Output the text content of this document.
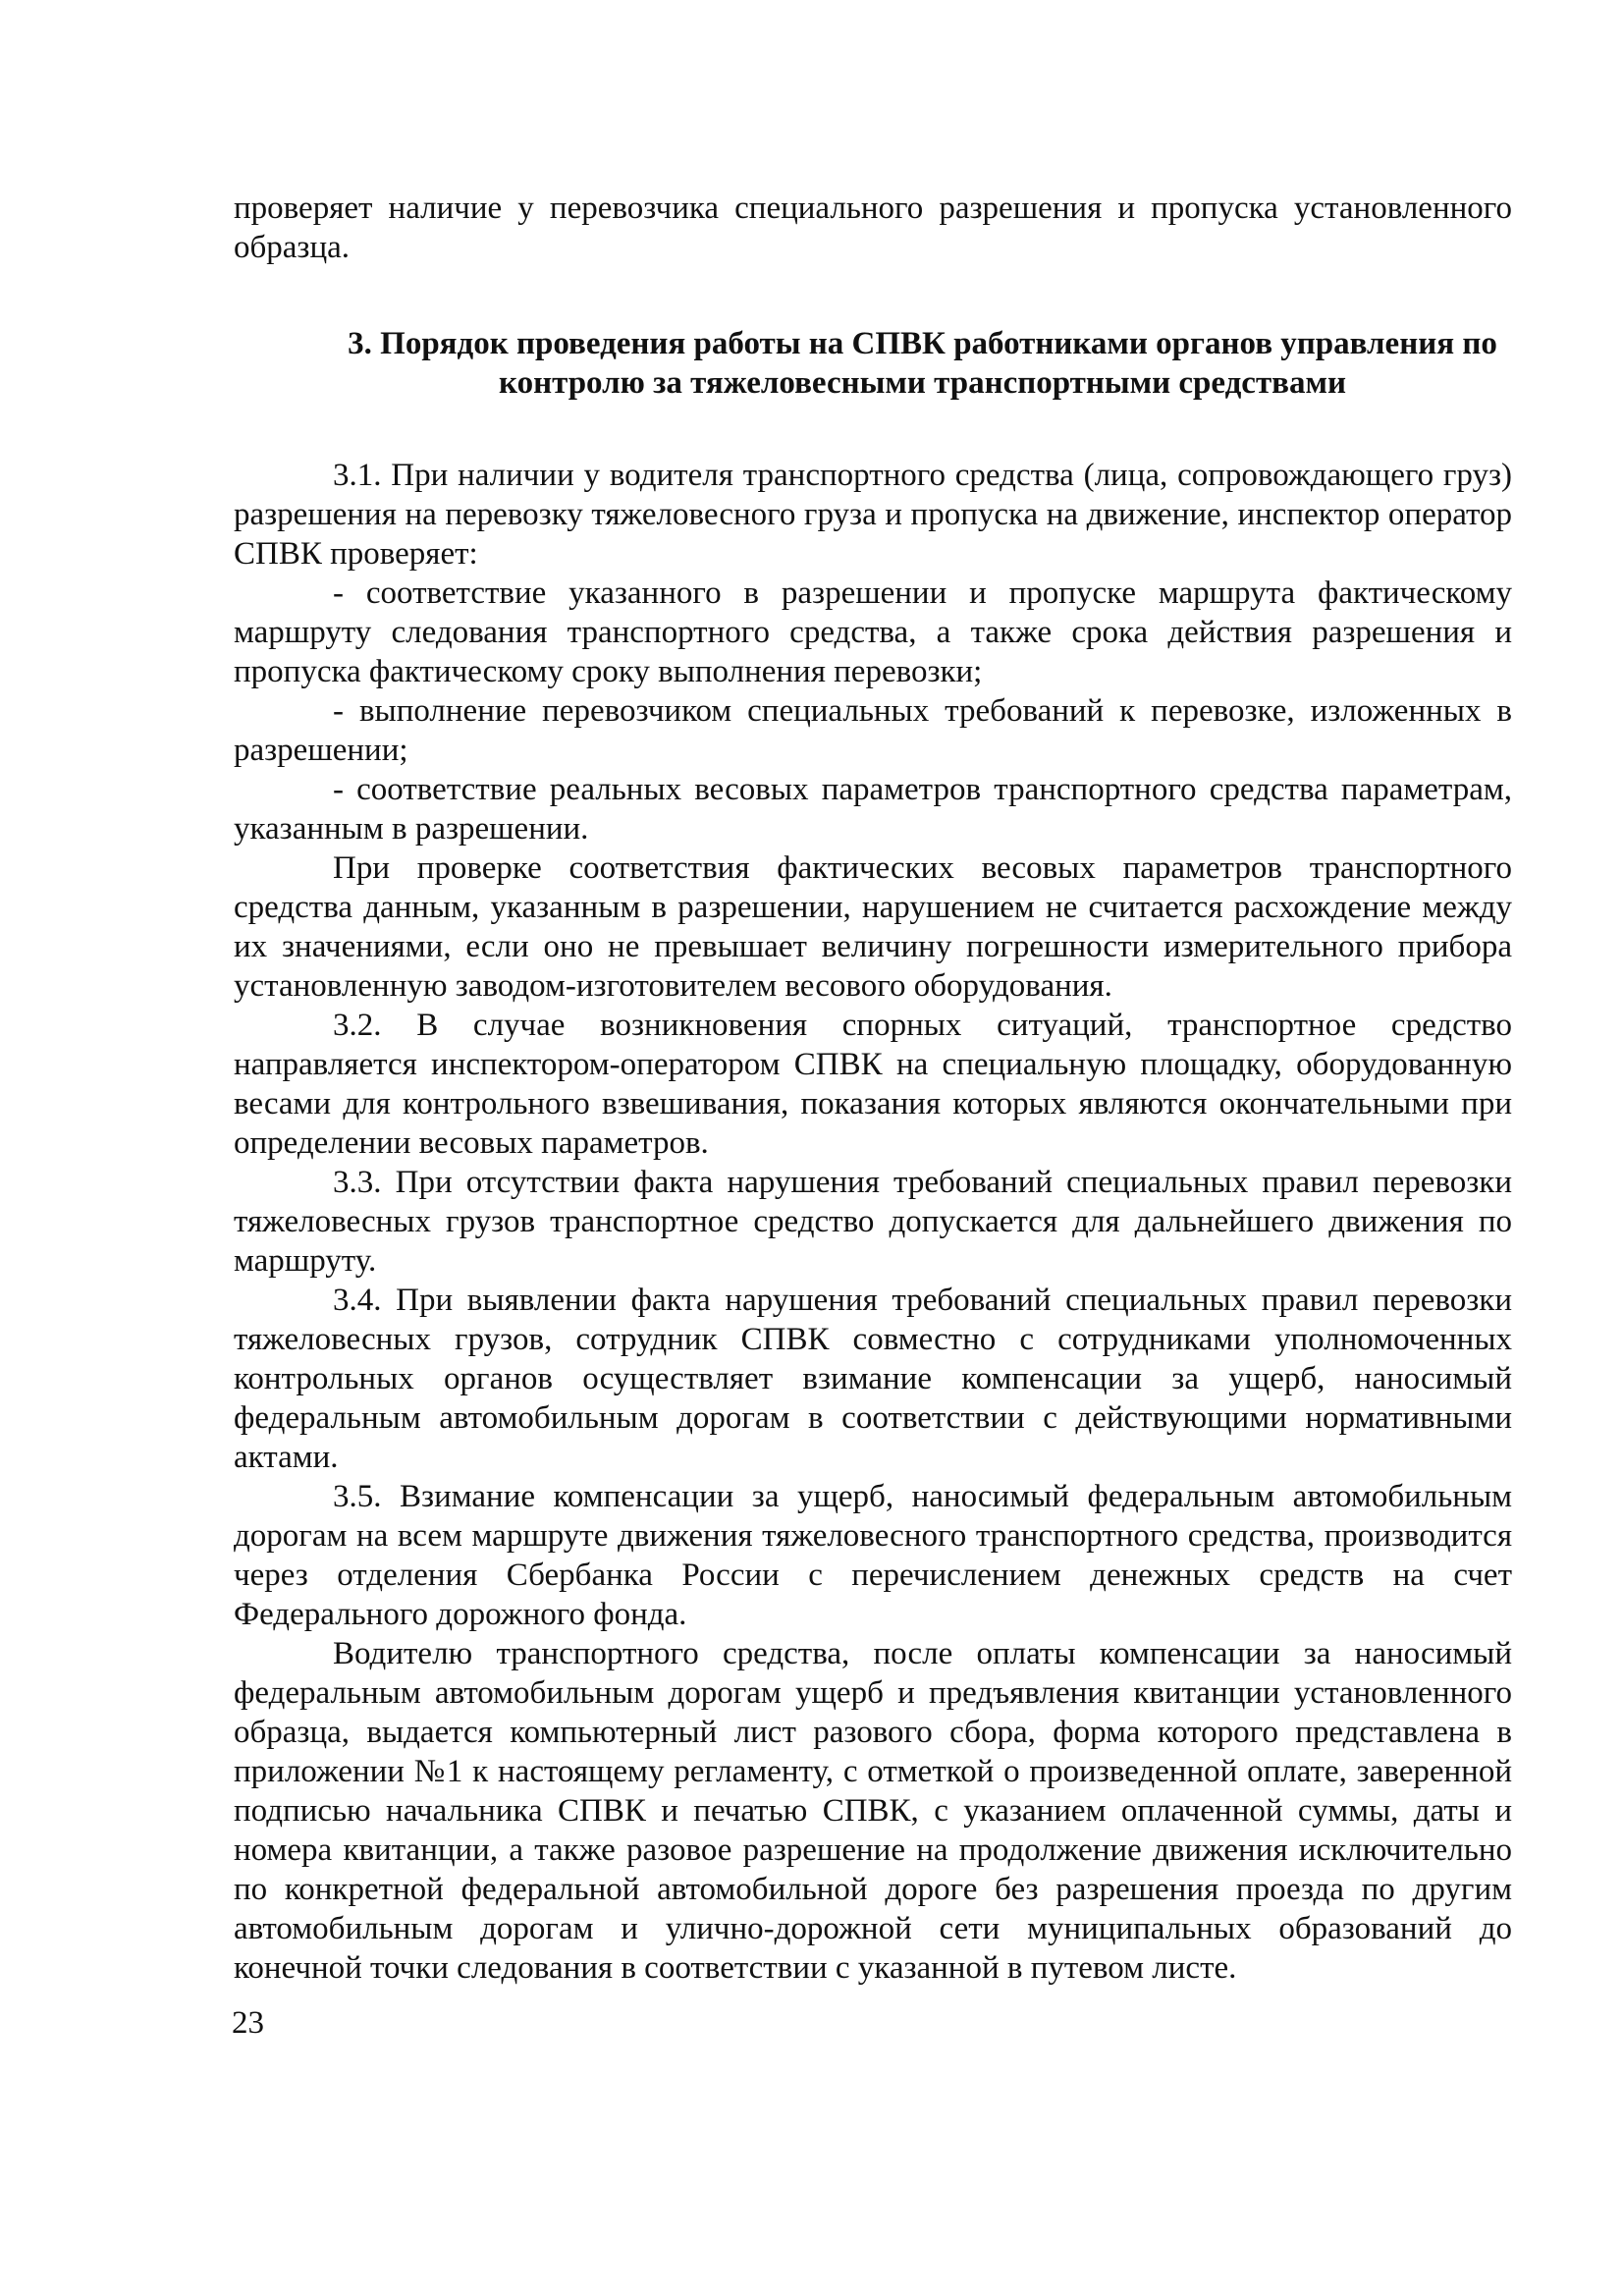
проверяет наличие у перевозчика специального разрешения и пропуска установленного образца.

3. Порядок проведения работы на СПВК работниками органов управления по
контролю за тяжеловесными транспортными средствами

3.1. При наличии у водителя транспортного средства (лица, сопровождающего груз) разрешения на перевозку тяжеловесного груза и пропуска на движение, инспектор оператор СПВК проверяет:

- соответствие указанного в разрешении и пропуске маршрута фактическому маршруту следования транспортного средства, а также срока действия разрешения и пропуска фактическому сроку выполнения перевозки;

- выполнение перевозчиком специальных требований к перевозке, изложенных в разрешении;

- соответствие реальных весовых параметров транспортного средства параметрам, указанным в разрешении.

При проверке соответствия фактических весовых параметров транспортного средства данным, указанным в разрешении, нарушением не считается расхождение между их значениями, если оно не превышает величину погрешности измерительного прибора установленную заводом-изготовителем весового оборудования.

3.2. В случае возникновения спорных ситуаций, транспортное средство направляется инспектором-оператором СПВК на специальную площадку, оборудованную весами для контрольного взвешивания, показания которых являются окончательными при определении весовых параметров.

3.3. При отсутствии факта нарушения требований специальных правил перевозки тяжеловесных грузов транспортное средство допускается для дальнейшего движения по маршруту.

3.4. При выявлении факта нарушения требований специальных правил перевозки тяжеловесных грузов, сотрудник СПВК совместно с сотрудниками уполномоченных контрольных органов осуществляет взимание компенсации за ущерб, наносимый федеральным автомобильным дорогам в соответствии с действующими нормативными актами.

3.5. Взимание компенсации за ущерб, наносимый федеральным автомобильным дорогам на всем маршруте движения тяжеловесного транспортного средства, производится через отделения Сбербанка России с перечислением денежных средств на счет Федерального дорожного фонда.

Водителю транспортного средства, после оплаты компенсации за наносимый федеральным автомобильным дорогам ущерб и предъявления квитанции установленного образца, выдается компьютерный лист разового сбора, форма которого представлена в приложении №1 к настоящему регламенту, с отметкой о произведенной оплате, заверенной подписью начальника СПВК и печатью СПВК, с указанием оплаченной суммы, даты и номера квитанции, а также разовое разрешение на продолжение движения исключительно по конкретной федеральной автомобильной дороге без разрешения проезда по другим автомобильным дорогам и улично-дорожной сети муниципальных образований до конечной точки следования в соответствии с указанной в путевом листе.

23
